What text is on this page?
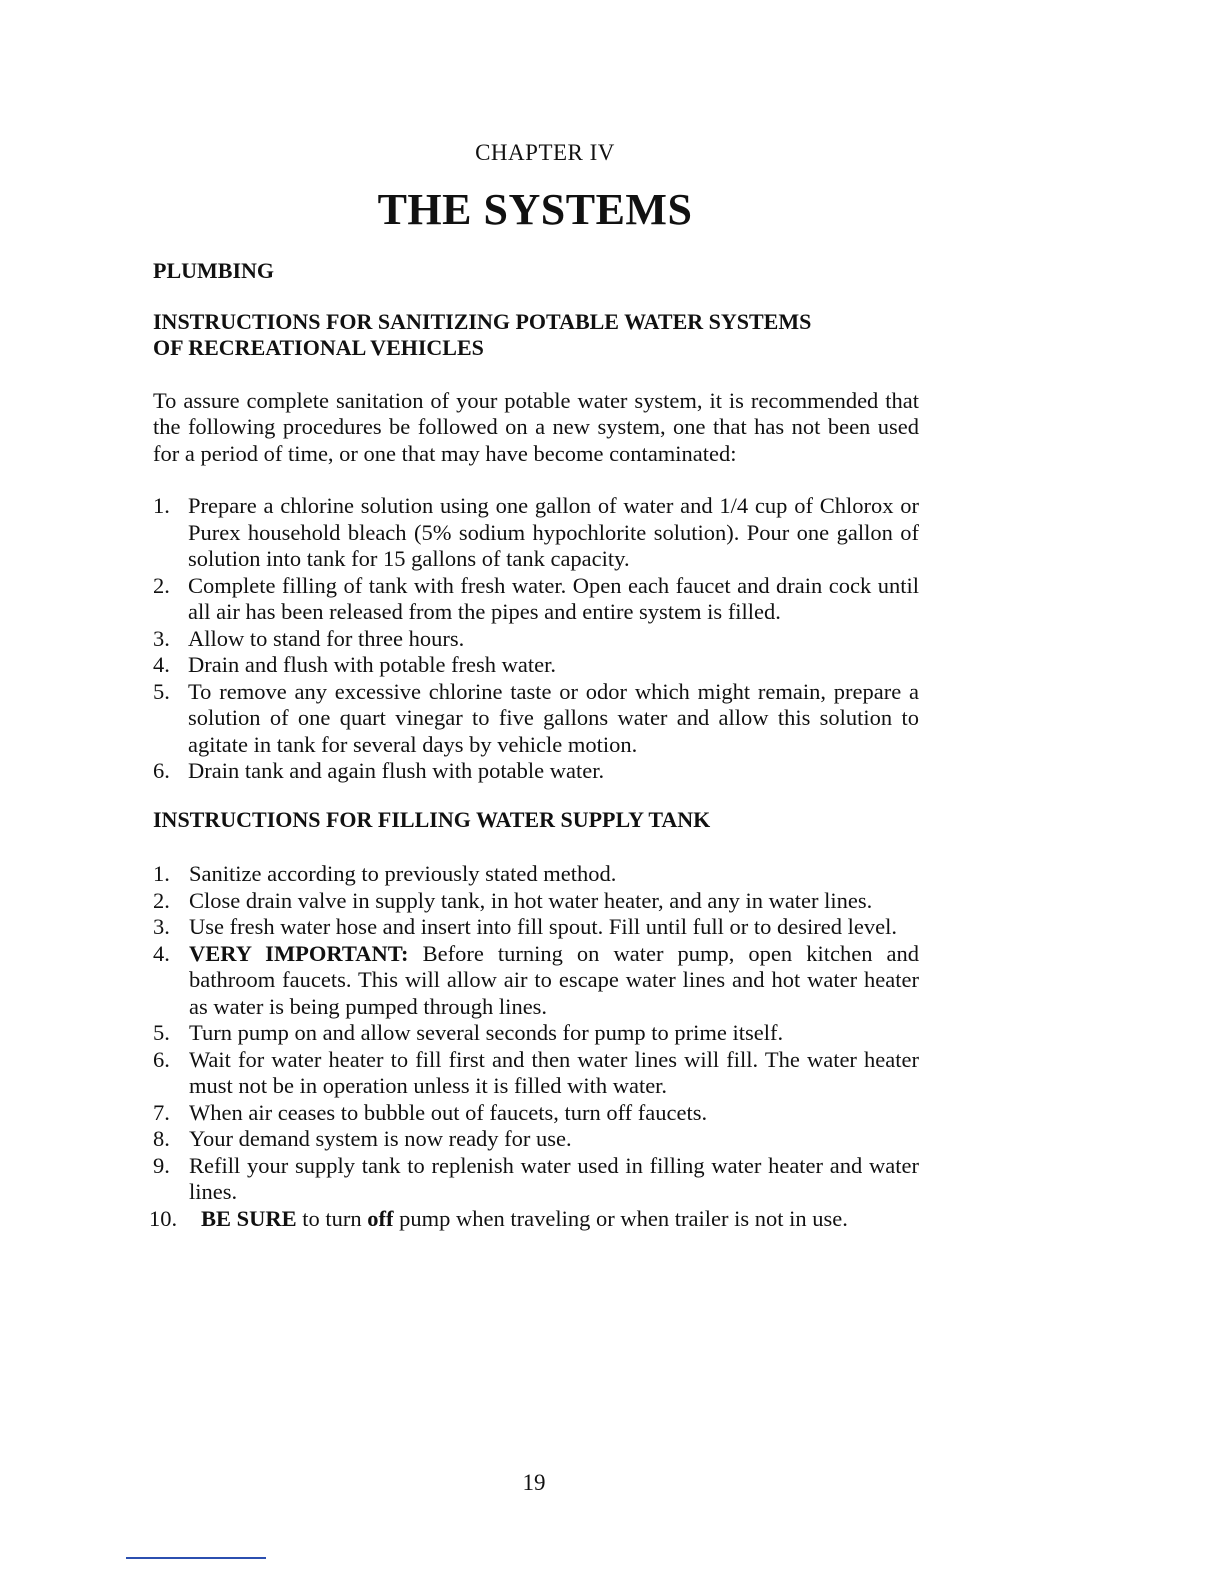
CHAPTER IV

THE SYSTEMS
PLUMBING
INSTRUCTIONS FOR SANITIZING POTABLE WATER SYSTEMS
OF RECREATIONAL VEHICLES

To assure complete sanitation of your potable water system, it is recommended that the following procedures be followed on a new system, one that has not been used for a period of time, or one that may have become contaminated:

1. Prepare a chlorine solution using one gallon of water and 1/4 cup of Chlorox or Purex household bleach (5% sodium hypochlorite solution). Pour one gallon of solution into tank for 15 gallons of tank capacity.
2. Complete filling of tank with fresh water. Open each faucet and drain cock until all air has been released from the pipes and entire system is filled.
3. Allow to stand for three hours.
4. Drain and flush with potable fresh water.
5. To remove any excessive chlorine taste or odor which might remain, prepare a solution of one quart vinegar to five gallons water and allow this solution to agitate in tank for several days by vehicle motion.
6. Drain tank and again flush with potable water.
INSTRUCTIONS FOR FILLING WATER SUPPLY TANK
1. Sanitize according to previously stated method.
2. Close drain valve in supply tank, in hot water heater, and any in water lines.
3. Use fresh water hose and insert into fill spout. Fill until full or to desired level.
4. VERY IMPORTANT: Before turning on water pump, open kitchen and bathroom faucets. This will allow air to escape water lines and hot water heater as water is being pumped through lines.
5. Turn pump on and allow several seconds for pump to prime itself.
6. Wait for water heater to fill first and then water lines will fill. The water heater must not be in operation unless it is filled with water.
7. When air ceases to bubble out of faucets, turn off faucets.
8. Your demand system is now ready for use.
9. Refill your supply tank to replenish water used in filling water heater and water lines.
10. BE SURE to turn off pump when traveling or when trailer is not in use.

19
